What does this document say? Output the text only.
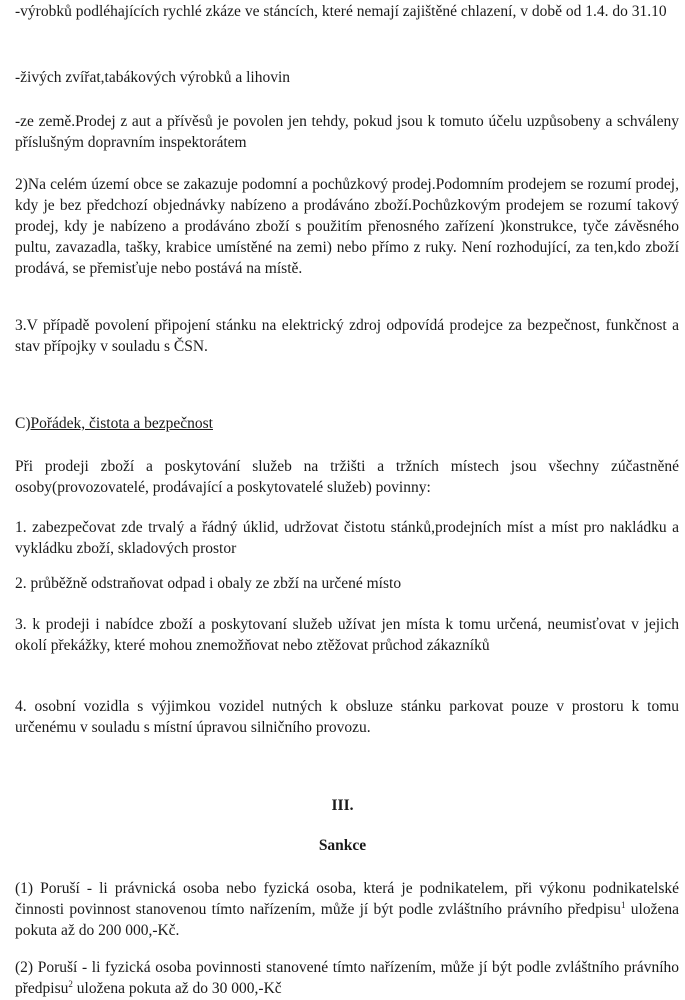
-výrobků podléhajících rychlé zkáze ve stáncích, které nemají zajištěné chlazení, v době od 1.4. do 31.10

-živých zvířat,tabákových výrobků a lihovin

-ze země.Prodej z aut a přívěsů je povolen jen tehdy, pokud jsou k tomuto účelu uzpůsobeny a schváleny příslušným dopravním inspektorátem

2)Na celém území obce se zakazuje podomní a pochůzkový prodej.Podomním prodejem se rozumí prodej, kdy je bez předchozí objednávky nabízeno a prodáváno zboží.Pochůzkovým prodejem se rozumí takový prodej, kdy je nabízeno a prodáváno zboží s použitím přenosného zařízení )konstrukce, tyče závěsného pultu, zavazadla, tašky, krabice umístěné na zemi) nebo přímo z ruky. Není rozhodující, za ten,kdo zboží prodává, se přemisťuje nebo postává na místě.

3.V případě povolení připojení stánku na elektrický zdroj odpovídá prodejce za bezpečnost, funkčnost a stav přípojky v souladu s ČSN.

C)Pořádek, čistota a bezpečnost

Při prodeji zboží a poskytování služeb na tržišti a tržních místech jsou všechny zúčastněné osoby(provozovatelé, prodávající a poskytovatelé služeb) povinny:

1. zabezpečovat zde trvalý a řádný úklid, udržovat čistotu stánků,prodejních míst a míst pro nakládku a vykládku zboží, skladových prostor

2. průběžně odstraňovat odpad i obaly ze zbží na určené místo

3. k prodeji i nabídce zboží a poskytovaní služeb užívat jen místa k tomu určená, neumisťovat v jejich okolí překážky, které mohou znemožňovat nebo ztěžovat průchod zákazníků

4. osobní vozidla s výjimkou vozidel nutných k obsluze stánku parkovat pouze v prostoru k tomu určenému v souladu s místní úpravou silničního provozu.

III.

Sankce

(1) Poruší - li právnická osoba nebo fyzická osoba, která je podnikatelem, při výkonu podnikatelské činnosti povinnost stanovenou tímto nařízením, může jí být podle zvláštního právního předpisu$^1$ uložena pokuta až do 200 000,-Kč.

(2) Poruší - li fyzická osoba povinnosti stanovené tímto nařízením, může jí být podle zvláštního právního předpisu$^2$ uložena pokuta až do 30 000,-Kč
